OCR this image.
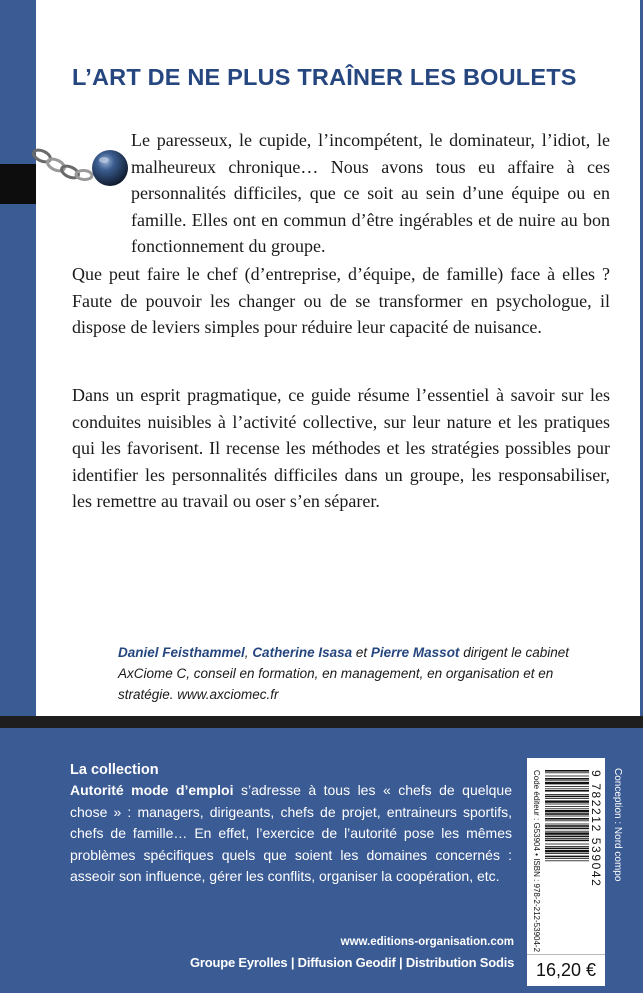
L’ART DE NE PLUS TRAÎNER LES BOULETS

Le paresseux, le cupide, l’incompétent, le dominateur, l’idiot, le malheureux chronique… Nous avons tous eu affaire à ces personnalités difficiles, que ce soit au sein d’une équipe ou en famille. Elles ont en commun d’être ingérables et de nuire au bon fonctionnement du groupe.

Que peut faire le chef (d’entreprise, d’équipe, de famille) face à elles ? Faute de pouvoir les changer ou de se transformer en psychologue, il dispose de leviers simples pour réduire leur capacité de nuisance.

Dans un esprit pragmatique, ce guide résume l’essentiel à savoir sur les conduites nuisibles à l’activité collective, sur leur nature et les pratiques qui les favorisent. Il recense les méthodes et les stratégies possibles pour identifier les personnalités difficiles dans un groupe, les responsabiliser, les remettre au travail ou oser s’en séparer.

Daniel Feisthammel, Catherine Isasa et Pierre Massot dirigent le cabinet AxCiome C, conseil en formation, en management, en organisation et en stratégie. www.axciomec.fr

La collection

Autorité mode d’emploi s’adresse à tous les « chefs de quelque chose » : managers, dirigeants, chefs de projet, entraineurs sportifs, chefs de famille… En effet, l’exercice de l’autorité pose les mêmes problèmes spécifiques quels que soient les domaines concernés : asseoir son influence, gérer les conflits, organiser la coopération, etc.

www.editions-organisation.com

Groupe Eyrolles | Diffusion Geodif | Distribution Sodis

Code éditeur : G53904 • ISBN : 978-2-212-53904-2	9 782212 539042

16,20 €

Conception : Nord compo
